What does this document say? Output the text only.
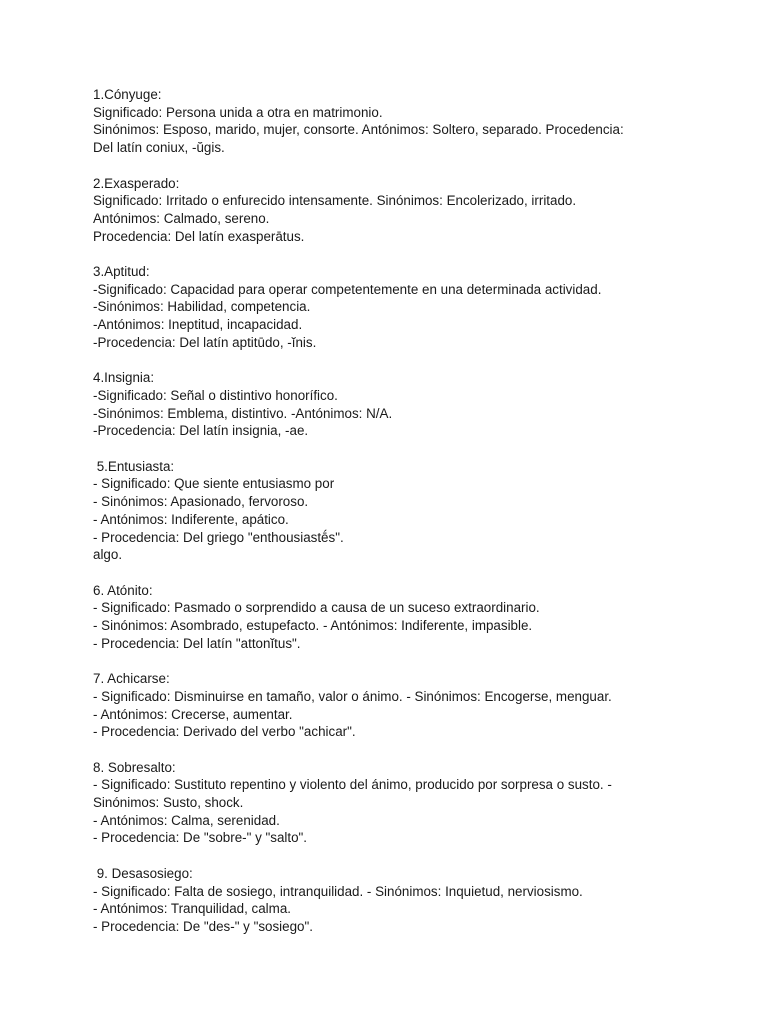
1.Cónyuge:
Significado: Persona unida a otra en matrimonio.
Sinónimos: Esposo, marido, mujer, consorte. Antónimos: Soltero, separado. Procedencia:
Del latín coniux, -ŭgis.
2.Exasperado:
Significado: Irritado o enfurecido intensamente. Sinónimos: Encolerizado, irritado.
Antónimos: Calmado, sereno.
Procedencia: Del latín exasperātus.
3.Aptitud:
-Significado: Capacidad para operar competentemente en una determinada actividad.
-Sinónimos: Habilidad, competencia.
-Antónimos: Ineptitud, incapacidad.
-Procedencia: Del latín aptitūdo, -ĭnis.
4.Insignia:
-Significado: Señal o distintivo honorífico.
-Sinónimos: Emblema, distintivo. -Antónimos: N/A.
-Procedencia: Del latín insignia, -ae.
5.Entusiasta:
- Significado: Que siente entusiasmo por
- Sinónimos: Apasionado, fervoroso.
- Antónimos: Indiferente, apático.
- Procedencia: Del griego "enthousiastḗs".
algo.
6. Atónito:
- Significado: Pasmado o sorprendido a causa de un suceso extraordinario.
- Sinónimos: Asombrado, estupefacto. - Antónimos: Indiferente, impasible.
- Procedencia: Del latín "attonĭtus".
7. Achicarse:
- Significado: Disminuirse en tamaño, valor o ánimo. - Sinónimos: Encogerse, menguar.
- Antónimos: Crecerse, aumentar.
- Procedencia: Derivado del verbo "achicar".
8. Sobresalto:
- Significado: Sustituto repentino y violento del ánimo, producido por sorpresa o susto. -
Sinónimos: Susto, shock.
- Antónimos: Calma, serenidad.
- Procedencia: De "sobre-" y "salto".
9. Desasosiego:
- Significado: Falta de sosiego, intranquilidad. - Sinónimos: Inquietud, nerviosismo.
- Antónimos: Tranquilidad, calma.
- Procedencia: De "des-" y "sosiego".
